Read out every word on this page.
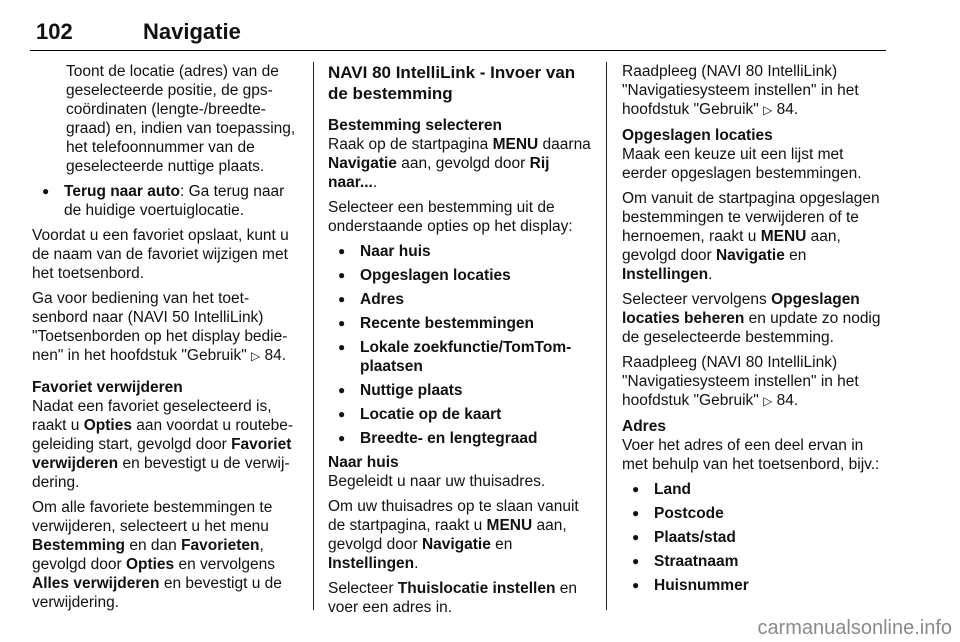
102	Navigatie

Toont de locatie (adres) van de geselecteerde positie, de gps-coördinaten (lengte-/breedte-graad) en, indien van toepassing, het telefoonnummer van de geselecteerde nuttige plaats.

● Terug naar auto: Ga terug naar de huidige voertuiglocatie.

Voordat u een favoriet opslaat, kunt u de naam van de favoriet wijzigen met het toetsenbord.

Ga voor bediening van het toet-senbord naar (NAVI 50 IntelliLink) "Toetsenborden op het display bedie-nen" in het hoofdstuk "Gebruik" ▷ 84.

Favoriet verwijderen

Nadat een favoriet geselecteerd is, raakt u Opties aan voordat u routebe-geleiding start, gevolgd door Favoriet verwijderen en bevestigt u de verwij-dering.

Om alle favoriete bestemmingen te verwijderen, selecteert u het menu Bestemming en dan Favorieten, gevolgd door Opties en vervolgens Alles verwijderen en bevestigt u de verwijdering.

NAVI 80 IntelliLink - Invoer van de bestemming

Bestemming selecteren

Raak op de startpagina MENU daarna Navigatie aan, gevolgd door Rij naar....

Selecteer een bestemming uit de onderstaande opties op het display:

● Naar huis
● Opgeslagen locaties
● Adres
● Recente bestemmingen
● Lokale zoekfunctie/TomTom-plaatsen
● Nuttige plaats
● Locatie op de kaart
● Breedte- en lengtegraad

Naar huis

Begeleidt u naar uw thuisadres.

Om uw thuisadres op te slaan vanuit de startpagina, raakt u MENU aan, gevolgd door Navigatie en Instellingen.

Selecteer Thuislocatie instellen en voer een adres in.

Raadpleeg (NAVI 80 IntelliLink) "Navigatiesysteem instellen" in het hoofdstuk "Gebruik" ▷ 84.

Opgeslagen locaties

Maak een keuze uit een lijst met eerder opgeslagen bestemmingen.

Om vanuit de startpagina opgeslagen bestemmingen te verwijderen of te hernoemen, raakt u MENU aan, gevolgd door Navigatie en Instellingen.

Selecteer vervolgens Opgeslagen locaties beheren en update zo nodig de geselecteerde bestemming.

Raadpleeg (NAVI 80 IntelliLink) "Navigatiesysteem instellen" in het hoofdstuk "Gebruik" ▷ 84.

Adres

Voer het adres of een deel ervan in met behulp van het toetsenbord, bijv.:

● Land
● Postcode
● Plaats/stad
● Straatnaam
● Huisnummer
carmanualsonline.info
